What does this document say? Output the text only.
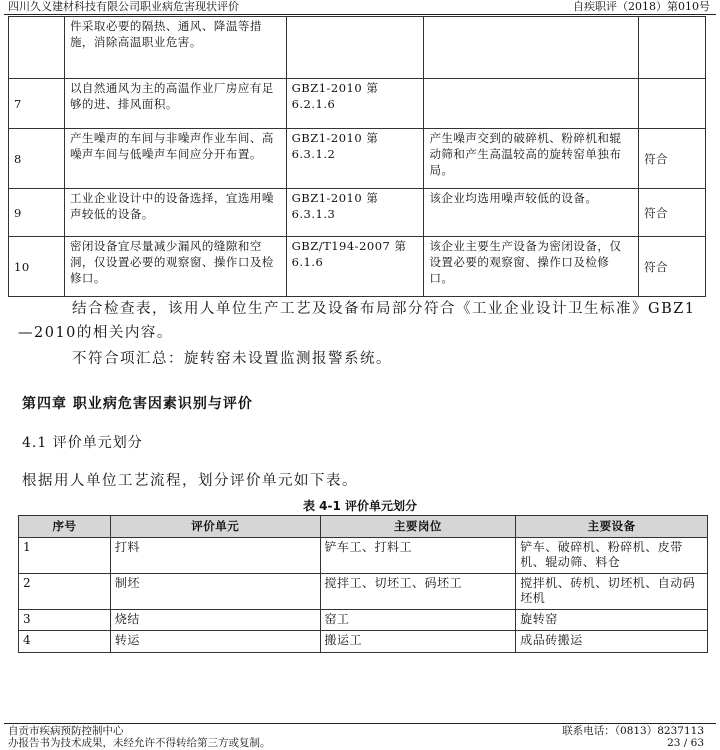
四川久义建材科技有限公司职业病危害现状评价	自疾职评（2018）第010号
	件采取必要的隔热、通风、降温等措施，消除高温职业危害。			
7	以自然通风为主的高温作业厂房应有足够的进、排风面积。	GBZ1-2010 第6.2.1.6		
8	产生噪声的车间与非噪声作业车间、高噪声车间与低噪声车间应分开布置。	GBZ1-2010 第6.3.1.2	产生噪声交到的破碎机、粉碎机和辊动筛和产生高温较高的旋转窑单独布局。	符合
9	工业企业设计中的设备选择，宜选用噪声较低的设备。	GBZ1-2010 第6.3.1.3	该企业均选用噪声较低的设备。	符合
10	密闭设备宜尽量减少漏风的缝隙和空洞，仅设置必要的观察窗、操作口及检修口。	GBZ/T194-2007 第6.1.6	该企业主要生产设备为密闭设备，仅设置必要的观察窗、操作口及检修口。	符合
结合检查表，该用人单位生产工艺及设备布局部分符合《工业企业设计卫生标准》GBZ1—2010的相关内容。
不符合项汇总：旋转窑未设置监测报警系统。
第四章 职业病危害因素识别与评价
4.1 评价单元划分
根据用人单位工艺流程，划分评价单元如下表。
表 4-1 评价单元划分
序号	评价单元	主要岗位	主要设备
1	打料	铲车工、打料工	铲车、破碎机、粉碎机、皮带机、辊动筛、料仓
2	制坯	搅拌工、切坯工、码坯工	搅拌机、砖机、切坯机、自动码坯机
3	烧结	窑工	旋转窑
4	转运	搬运工	成品砖搬运
自贡市疾病预防控制中心	联系电话：（0813）8237113
办报告书为技术成果，未经允许不得转给第三方或复制。	23 / 63
